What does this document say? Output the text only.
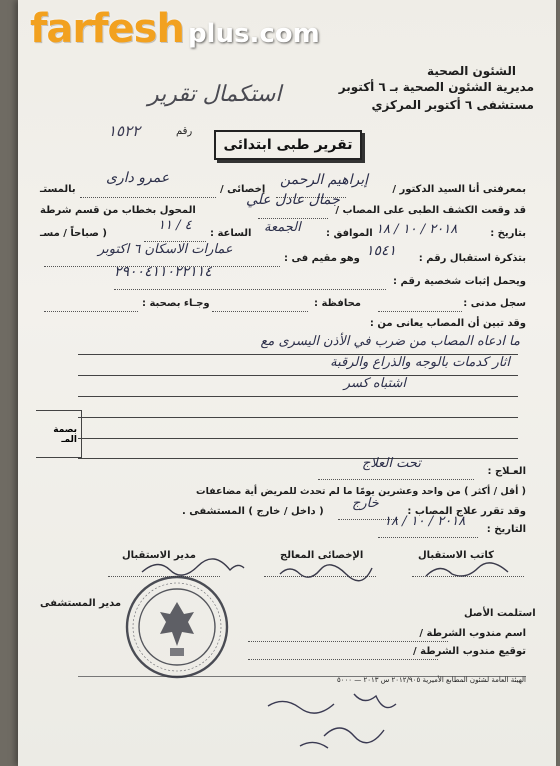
الشئون الصحية
مديرية الشئون الصحية بـ ٦ أكتوبر
مستشفى ٦ أكتوبر المركزي
استكمال تقرير
رقم
١٥٢٢
تقرير طبى ابتدائى
بمعرفتى أنا السيد الدكتور /
إبراهيم الرحمن
إخصائى /
عمرو دارى
بالمستـ
قد وقعت الكشف الطبى على المصاب /
جمال عادل علي
المحول بخطاب من قسم شرطة
بتاريخ :
٢٠١٨ / ١٠ / ١٨
الموافق :
الجمعة
الساعة :
٤ / ١١
( صباحاً / مسـ
بتذكرة استقبال رقم :
١٥٤١
وهو مقيم فى :
عمارات الاسكان ٦ اكتوبر
ويحمل إثبات شخصية رقم :
٢٩٠٠٤١١٠٢٢١١٤
سجل مدنى :
محافظة :
وجـاء بصحبة :
وقد تبين أن المصاب يعانى من :
ما ادعاه المصاب من ضرب في الأذن اليسرى مع
اثار كدمات بالوجه والذراع والرقبة
اشتباه كسر
بصمة المـ
العـلاج :
تحت العلاج
( أقل / أكثر ) من واحد وعشرين يومًا ما لم تحدث للمريض أية مضاعفات
وقد تقرر علاج المصاب :
خارج
( داخل / خارج ) المستشفى .
التاريخ :
٢٠١٨ / ١٠ / ١٨
مدير الاستقبال	الإخصائى المعالج	كاتب الاستقبال
مدير المستشفى
استلمت الأصل
اسم مندوب الشرطة /
توقيع مندوب الشرطة /
الهيئة العامة لشئون المطابع الأميرية ٢٠١٢/٩٠٥ س ٢٠١٣ — ٥٠٠٠
farfesh plus.com
